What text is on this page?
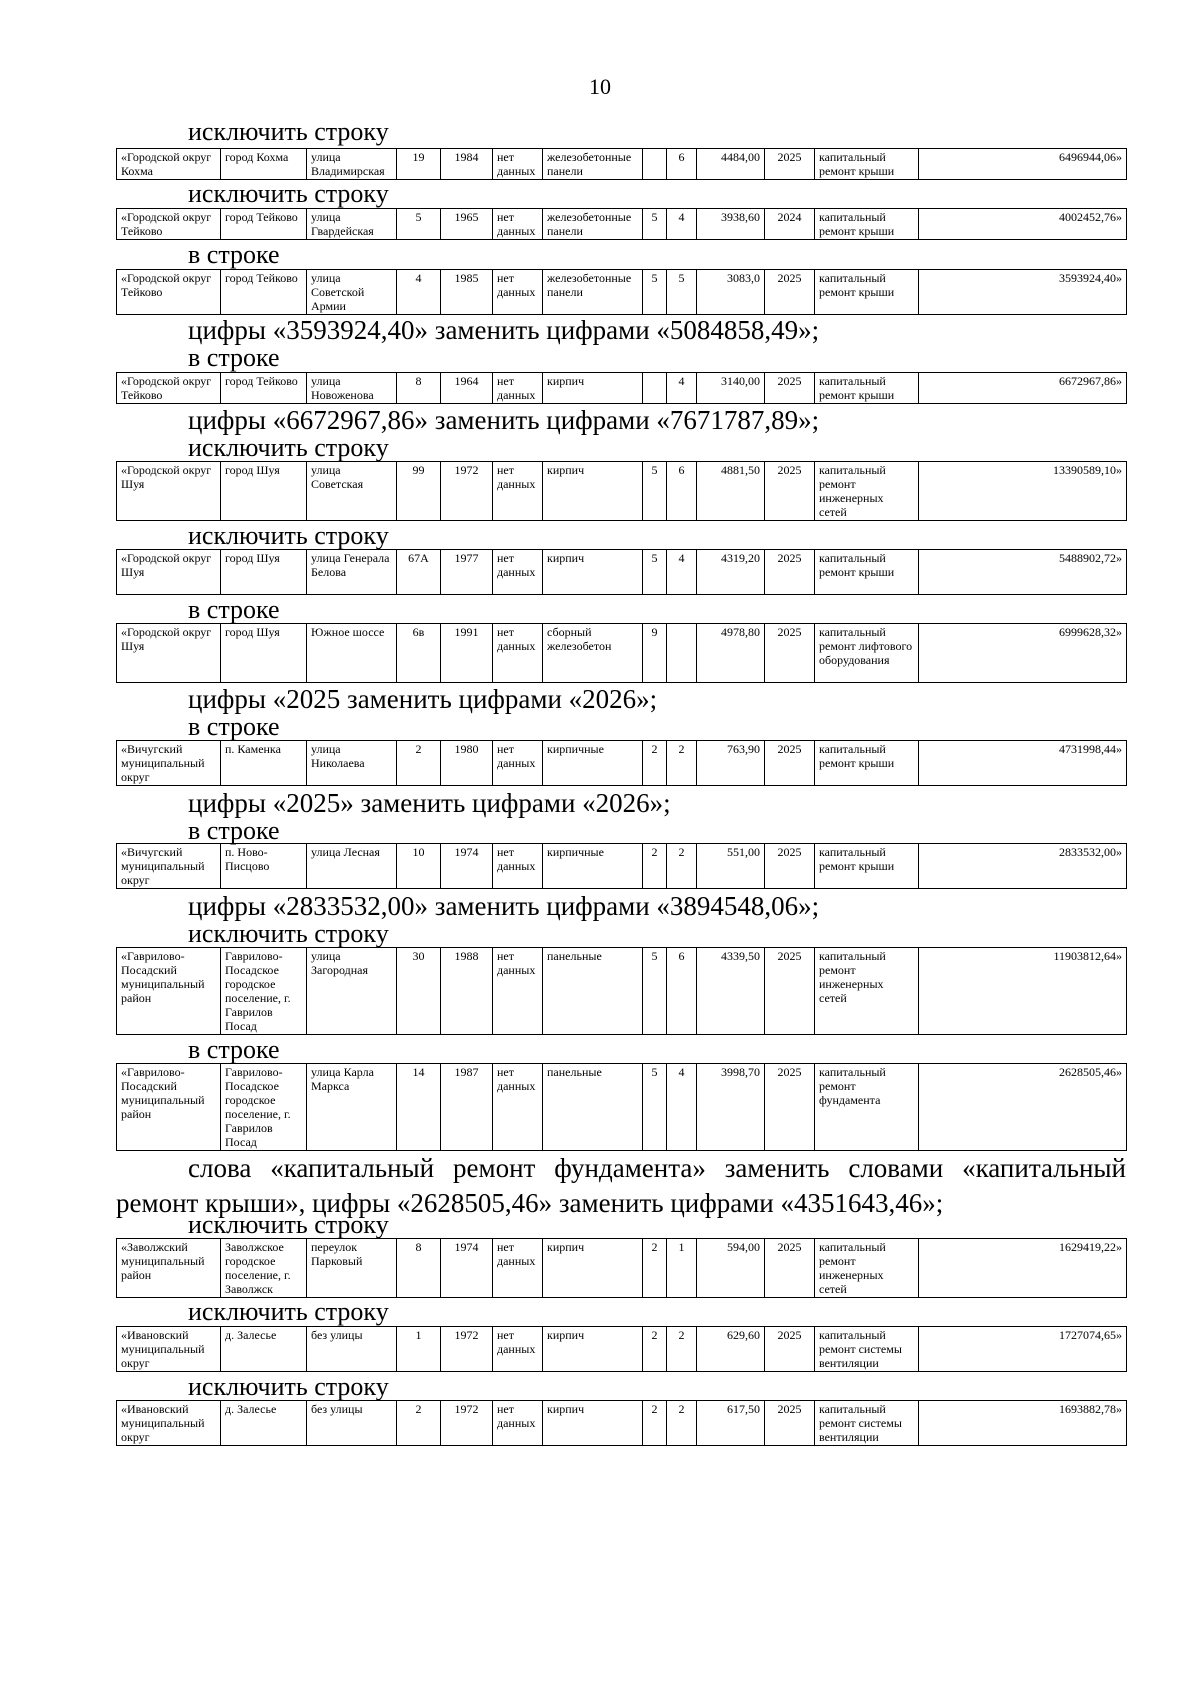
10
исключить строку
«Городской округ Кохма	город Кохма	улица Владимирская	19	1984	нет данных	железобетонные панели		6	4484,00	2025	капитальный ремонт крыши	6496944,06»
исключить строку
«Городской округ Тейково	город Тейково	улица Гвардейская	5	1965	нет данных	железобетонные панели	5	4	3938,60	2024	капитальный ремонт крыши	4002452,76»
в строке
«Городской округ Тейково	город Тейково	улица Советской Армии	4	1985	нет данных	железобетонные панели	5	5	3083,0	2025	капитальный ремонт крыши	3593924,40»
цифры «3593924,40» заменить цифрами «5084858,49»;
в строке
«Городской округ Тейково	город Тейково	улица Новоженова	8	1964	нет данных	кирпич		4	3140,00	2025	капитальный ремонт крыши	6672967,86»
цифры «6672967,86» заменить цифрами «7671787,89»;
исключить строку
«Городской округ Шуя	город Шуя	улица Советская	99	1972	нет данных	кирпич	5	6	4881,50	2025	капитальный ремонт инженерных сетей	13390589,10»
исключить строку
«Городской округ Шуя	город Шуя	улица Генерала Белова	67А	1977	нет данных	кирпич	5	4	4319,20	2025	капитальный ремонт крыши	5488902,72»
в строке
«Городской округ Шуя	город Шуя	Южное шоссе	6в	1991	нет данных	сборный железобетон	9		4978,80	2025	капитальный ремонт лифтового оборудования	6999628,32»
цифры «2025 заменить цифрами «2026»;
в строке
«Вичугский муниципальный округ	п. Каменка	улица Николаева	2	1980	нет данных	кирпичные	2	2	763,90	2025	капитальный ремонт крыши	4731998,44»
цифры «2025» заменить цифрами «2026»;
в строке
«Вичугский муниципальный округ	п. Ново-Писцово	улица Лесная	10	1974	нет данных	кирпичные	2	2	551,00	2025	капитальный ремонт крыши	2833532,00»
цифры «2833532,00» заменить цифрами «3894548,06»;
исключить строку
«Гаврилово-Посадский муниципальный район	Гаврилово-Посадское городское поселение, г. Гаврилов Посад	улица Загородная	30	1988	нет данных	панельные	5	6	4339,50	2025	капитальный ремонт инженерных сетей	11903812,64»
в строке
«Гаврилово-Посадский муниципальный район	Гаврилово-Посадское городское поселение, г. Гаврилов Посад	улица Карла Маркса	14	1987	нет данных	панельные	5	4	3998,70	2025	капитальный ремонт фундамента	2628505,46»
слова «капитальный ремонт фундамента» заменить словами «капитальный ремонт крыши», цифры «2628505,46» заменить цифрами «4351643,46»;
исключить строку
«Заволжский муниципальный район	Заволжское городское поселение, г. Заволжск	переулок Парковый	8	1974	нет данных	кирпич	2	1	594,00	2025	капитальный ремонт инженерных сетей	1629419,22»
исключить строку
«Ивановский муниципальный округ	д. Залесье	без улицы	1	1972	нет данных	кирпич	2	2	629,60	2025	капитальный ремонт системы вентиляции	1727074,65»
исключить строку
«Ивановский муниципальный округ	д. Залесье	без улицы	2	1972	нет данных	кирпич	2	2	617,50	2025	капитальный ремонт системы вентиляции	1693882,78»
